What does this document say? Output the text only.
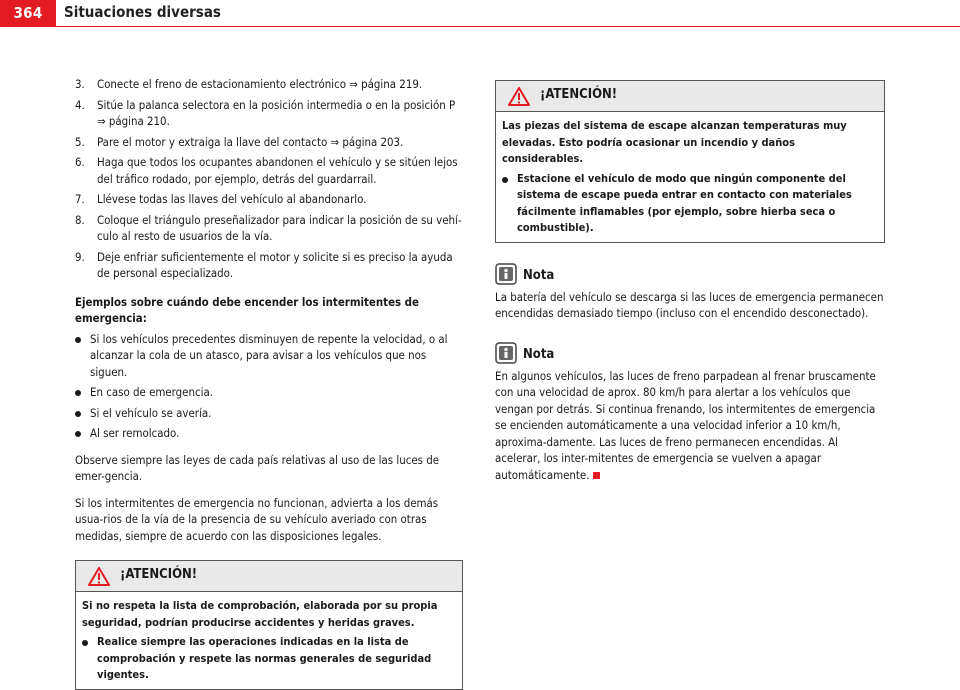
364	Situaciones diversas
3. Conecte el freno de estacionamiento electrónico ⇒ página 219.
4. Sitúe la palanca selectora en la posición intermedia o en la posición P ⇒ página 210.
5. Pare el motor y extraiga la llave del contacto ⇒ página 203.
6. Haga que todos los ocupantes abandonen el vehículo y se sitúen lejos del tráfico rodado, por ejemplo, detrás del guardarrail.
7. Llévese todas las llaves del vehículo al abandonarlo.
8. Coloque el triángulo preseñalizador para indicar la posición de su vehí-culo al resto de usuarios de la vía.
9. Deje enfriar suficientemente el motor y solicite si es preciso la ayuda de personal especializado.
Ejemplos sobre cuándo debe encender los intermitentes de emergencia:
Si los vehículos precedentes disminuyen de repente la velocidad, o al alcanzar la cola de un atasco, para avisar a los vehículos que nos siguen.
En caso de emergencia.
Si el vehículo se avería.
Al ser remolcado.

Observe siempre las leyes de cada país relativas al uso de las luces de emer-gencia.

Si los intermitentes de emergencia no funcionan, advierta a los demás usua-rios de la vía de la presencia de su vehículo averiado con otras medidas, siempre de acuerdo con las disposiciones legales.

¡ATENCIÓN!
Si no respeta la lista de comprobación, elaborada por su propia seguridad, podrían producirse accidentes y heridas graves.
Realice siempre las operaciones indicadas en la lista de comprobación y respete las normas generales de seguridad vigentes.
¡ATENCIÓN!
Las piezas del sistema de escape alcanzan temperaturas muy elevadas. Esto podría ocasionar un incendio y daños considerables.
Estacione el vehículo de modo que ningún componente del sistema de escape pueda entrar en contacto con materiales fácilmente inflamables (por ejemplo, sobre hierba seca o combustible).
Nota
La batería del vehículo se descarga si las luces de emergencia permanecen encendidas demasiado tiempo (incluso con el encendido desconectado).
Nota
En algunos vehículos, las luces de freno parpadean al frenar bruscamente con una velocidad de aprox. 80 km/h para alertar a los vehículos que vengan por detrás. Si continua frenando, los intermitentes de emergencia se encienden automáticamente a una velocidad inferior a 10 km/h, aproxima-damente. Las luces de freno permanecen encendidas. Al acelerar, los inter-mitentes de emergencia se vuelven a apagar automáticamente.
